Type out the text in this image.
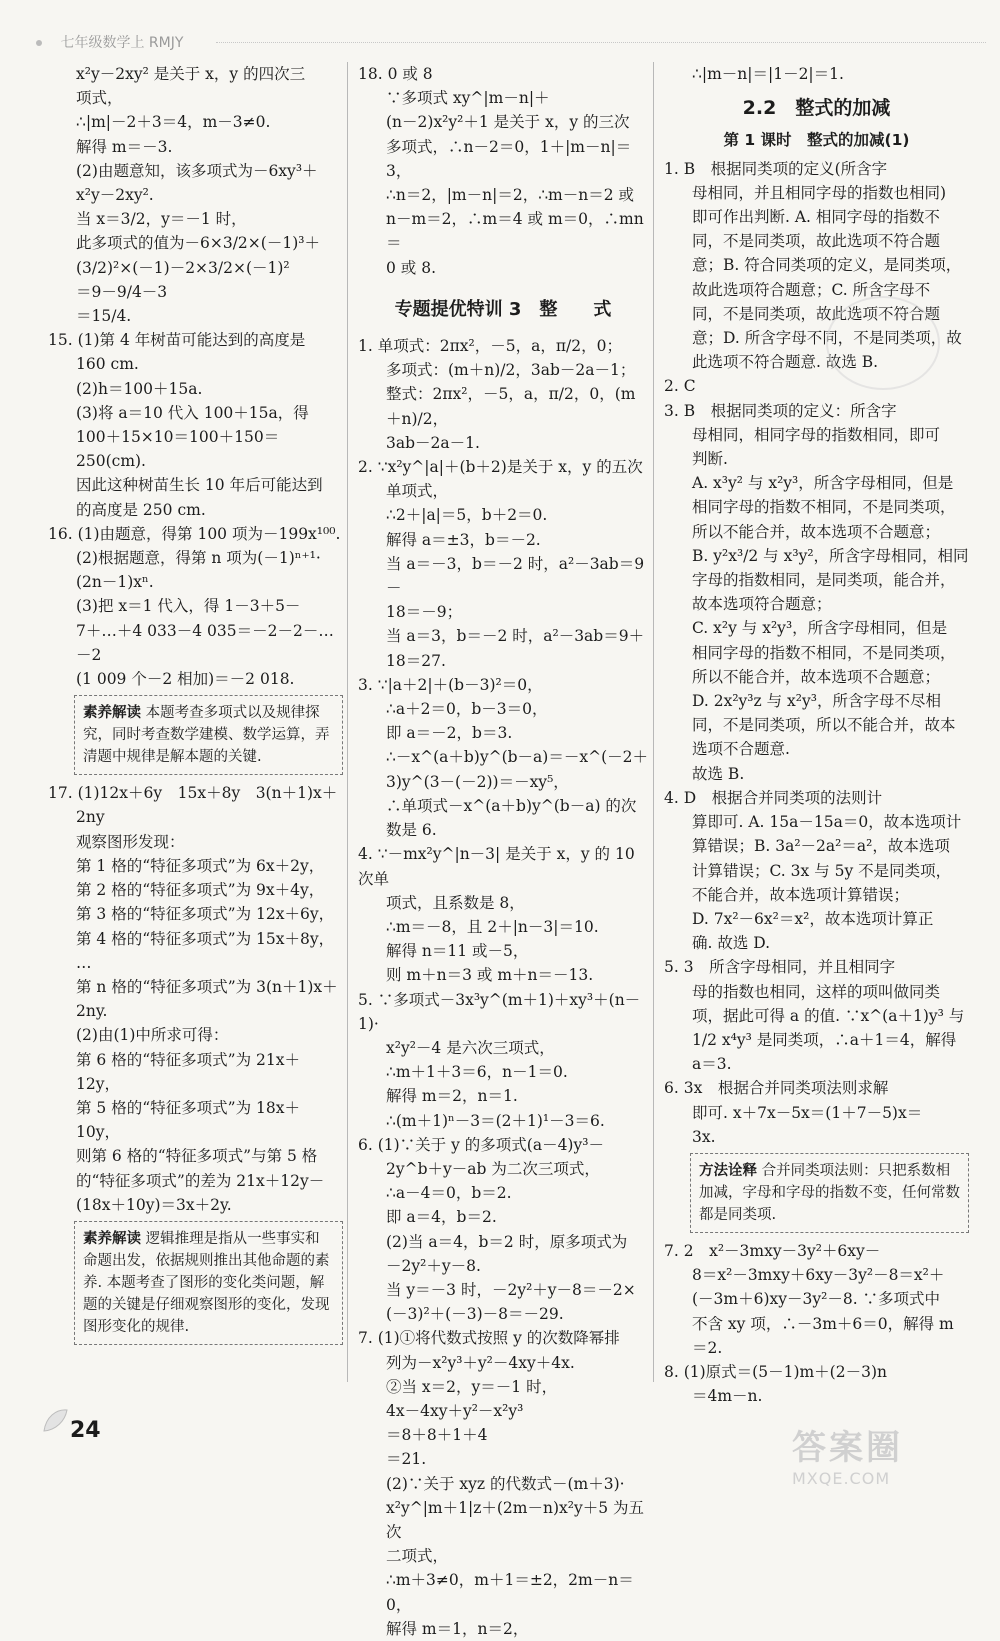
七年级数学上 RMJY

x²y－2xy² 是关于 x，y 的四次三

项式，

∴|m|－2＋3＝4，m－3≠0.

解得 m＝－3.

(2)由题意知，该多项式为－6xy³＋

x²y－2xy².

当 x＝3/2，y＝－1 时，

此多项式的值为－6×3/2×(－1)³＋

(3/2)²×(－1)－2×3/2×(－1)²

＝9－9/4－3

＝15/4.

15. (1)第 4 年树苗可能达到的高度是

160 cm.

(2)h＝100＋15a.

(3)将 a＝10 代入 100＋15a，得

100＋15×10＝100＋150＝250(cm).

因此这种树苗生长 10 年后可能达到

的高度是 250 cm.

16. (1)由题意，得第 100 项为－199x¹⁰⁰.

(2)根据题意，得第 n 项为(－1)ⁿ⁺¹·

(2n－1)xⁿ.

(3)把 x＝1 代入，得 1－3＋5－

7＋…＋4 033－4 035＝－2－2－…－2

(1 009 个－2 相加)＝－2 018.

素养解读 本题考查多项式以及规律探究，同时考查数学建模、数学运算，弄清题中规律是解本题的关键.

17. (1)12x＋6y　15x＋8y　3(n＋1)x＋

2ny

观察图形发现：

第 1 格的“特征多项式”为 6x＋2y，

第 2 格的“特征多项式”为 9x＋4y，

第 3 格的“特征多项式”为 12x＋6y，

第 4 格的“特征多项式”为 15x＋8y，

…

第 n 格的“特征多项式”为 3(n＋1)x＋

2ny.

(2)由(1)中所求可得：

第 6 格的“特征多项式”为 21x＋

12y，

第 5 格的“特征多项式”为 18x＋

10y，

则第 6 格的“特征多项式”与第 5 格

的“特征多项式”的差为 21x＋12y－

(18x＋10y)＝3x＋2y.

素养解读 逻辑推理是指从一些事实和命题出发，依据规则推出其他命题的素养. 本题考查了图形的变化类问题，解题的关键是仔细观察图形的变化，发现图形变化的规律.

18. 0 或 8

∵多项式 xy^|m－n|＋

(n－2)x²y²＋1 是关于 x，y 的三次

多项式，∴n－2＝0，1＋|m－n|＝3，

∴n＝2，|m－n|＝2，∴m－n＝2 或

n－m＝2，∴m＝4 或 m＝0，∴mn＝

0 或 8.

专题提优特训 3　整　　式

1. 单项式：2πx²，－5，a，π/2，0；

多项式：(m＋n)/2，3ab－2a－1；

整式：2πx²，－5，a，π/2，0，(m＋n)/2，

3ab－2a－1.

2. ∵x²y^|a|＋(b＋2)是关于 x，y 的五次

单项式，

∴2＋|a|＝5，b＋2＝0.

解得 a＝±3，b＝－2.

当 a＝－3，b＝－2 时，a²－3ab＝9－

18＝－9；

当 a＝3，b＝－2 时，a²－3ab＝9＋

18＝27.

3. ∵|a＋2|＋(b－3)²＝0，

∴a＋2＝0，b－3＝0，

即 a＝－2，b＝3.

∴－x^(a＋b)y^(b－a)＝－x^(－2＋3)y^(3－(－2))＝－xy⁵，

∴单项式－x^(a＋b)y^(b－a) 的次数是 6.

4. ∵－mx²y^|n－3| 是关于 x，y 的 10 次单

项式，且系数是 8，

∴m＝－8，且 2＋|n－3|＝10.

解得 n＝11 或－5，

则 m＋n＝3 或 m＋n＝－13.

5. ∵多项式－3x³y^(m＋1)＋xy³＋(n－1)·

x²y²－4 是六次三项式，

∴m＋1＋3＝6，n－1＝0.

解得 m＝2，n＝1.

∴(m＋1)ⁿ－3＝(2＋1)¹－3＝6.

6. (1)∵关于 y 的多项式(a－4)y³－

2y^b＋y－ab 为二次三项式，

∴a－4＝0，b＝2.

即 a＝4，b＝2.

(2)当 a＝4，b＝2 时，原多项式为

－2y²＋y－8.

当 y＝－3 时，－2y²＋y－8＝－2×

(－3)²＋(－3)－8＝－29.

7. (1)①将代数式按照 y 的次数降幂排

列为－x²y³＋y²－4xy＋4x.

②当 x＝2，y＝－1 时，

4x－4xy＋y²－x²y³

＝8＋8＋1＋4

＝21.

(2)∵关于 xyz 的代数式－(m＋3)·

x²y^|m＋1|z＋(2m－n)x²y＋5 为五次

二项式，

∴m＋3≠0，m＋1＝±2，2m－n＝0，

解得 m＝1，n＝2，

∴|m－n|＝|1－2|＝1.

2.2　整式的加减
第 1 课时　整式的加减(1)

1. B　根据同类项的定义(所含字

母相同，并且相同字母的指数也相同)

即可作出判断. A. 相同字母的指数不

同，不是同类项，故此选项不符合题

意；B. 符合同类项的定义，是同类项，

故此选项符合题意；C. 所含字母不

同，不是同类项，故此选项不符合题

意；D. 所含字母不同，不是同类项，故

此选项不符合题意. 故选 B.

2. C

3. B　根据同类项的定义：所含字

母相同，相同字母的指数相同，即可

判断.

A. x³y² 与 x²y³，所含字母相同，但是

相同字母的指数不相同，不是同类项，

所以不能合并，故本选项不合题意；

B. y²x³/2 与 x³y²，所含字母相同，相同

字母的指数相同，是同类项，能合并，

故本选项符合题意；

C. x²y 与 x²y³，所含字母相同，但是

相同字母的指数不相同，不是同类项，

所以不能合并，故本选项不合题意；

D. 2x²y³z 与 x²y³，所含字母不尽相

同，不是同类项，所以不能合并，故本

选项不合题意.

故选 B.

4. D　根据合并同类项的法则计

算即可. A. 15a－15a＝0，故本选项计

算错误；B. 3a²－2a²＝a²，故本选项

计算错误；C. 3x 与 5y 不是同类项，

不能合并，故本选项计算错误；

D. 7x²－6x²＝x²，故本选项计算正

确. 故选 D.

5. 3　所含字母相同，并且相同字

母的指数也相同，这样的项叫做同类

项，据此可得 a 的值. ∵x^(a＋1)y³ 与

1/2 x⁴y³ 是同类项，∴a＋1＝4，解得

a＝3.

6. 3x　根据合并同类项法则求解

即可. x＋7x－5x＝(1＋7－5)x＝

3x.

方法诠释 合并同类项法则：只把系数相加减，字母和字母的指数不变，任何常数都是同类项.

7. 2　x²－3mxy－3y²＋6xy－

8＝x²－3mxy＋6xy－3y²－8＝x²＋

(－3m＋6)xy－3y²－8. ∵多项式中

不含 xy 项，∴－3m＋6＝0，解得 m＝2.

8. (1)原式＝(5－1)m＋(2－3)n

＝4m－n.

24	答案圈
MXQE.COM
